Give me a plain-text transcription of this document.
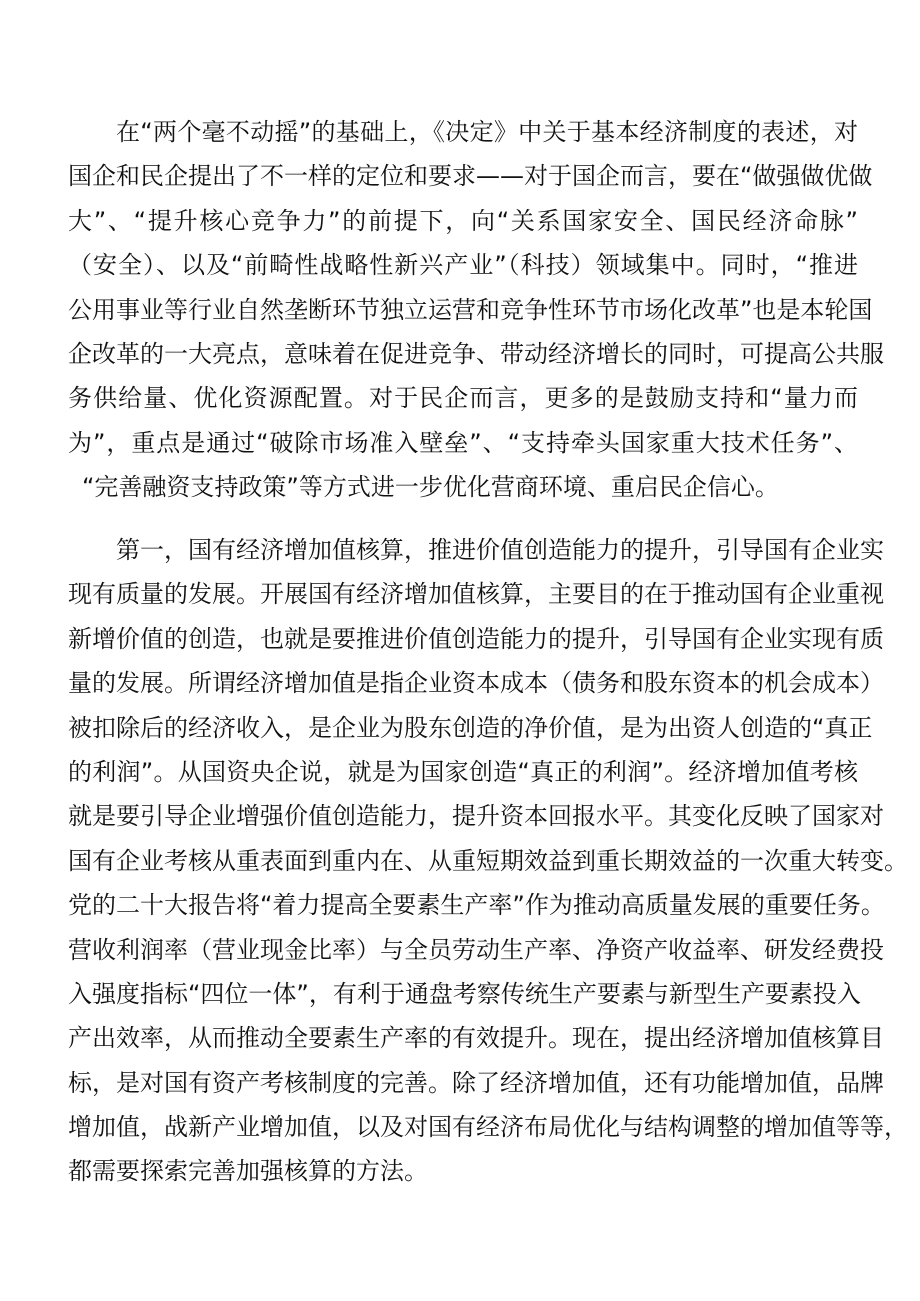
在“两个毫不动摇”的基础上，《决定》中关于基本经济制度的表述，对
国企和民企提出了不一样的定位和要求——对于国企而言，要在“做强做优做
大”、“提升核心竞争力”的前提下，向“关系国家安全、国民经济命脉”
（安全）、以及“前畸性战略性新兴产业”（科技）领域集中。同时，“推进
公用事业等行业自然垄断环节独立运营和竞争性环节市场化改革”也是本轮国
企改革的一大亮点，意味着在促进竞争、带动经济增长的同时，可提高公共服
务供给量、优化资源配置。对于民企而言，更多的是鼓励支持和“量力而
为”，重点是通过“破除市场准入壁垒”、“支持牵头国家重大技术任务”、
“完善融资支持政策”等方式进一步优化营商环境、重启民企信心。
第一，国有经济增加值核算，推进价值创造能力的提升，引导国有企业实
现有质量的发展。开展国有经济增加值核算，主要目的在于推动国有企业重视
新增价值的创造，也就是要推进价值创造能力的提升，引导国有企业实现有质
量的发展。所谓经济增加值是指企业资本成本（债务和股东资本的机会成本）
被扣除后的经济收入，是企业为股东创造的净价值，是为出资人创造的“真正
的利润”。从国资央企说，就是为国家创造“真正的利润”。经济增加值考核
就是要引导企业增强价值创造能力，提升资本回报水平。其变化反映了国家对
国有企业考核从重表面到重内在、从重短期效益到重长期效益的一次重大转变。
党的二十大报告将“着力提高全要素生产率”作为推动高质量发展的重要任务。
营收利润率（营业现金比率）与全员劳动生产率、净资产收益率、研发经费投
入强度指标“四位一体”，有利于通盘考察传统生产要素与新型生产要素投入
产出效率，从而推动全要素生产率的有效提升。现在，提出经济增加值核算目
标，是对国有资产考核制度的完善。除了经济增加值，还有功能增加值，品牌
增加值，战新产业增加值，以及对国有经济布局优化与结构调整的增加值等等，
都需要探索完善加强核算的方法。
